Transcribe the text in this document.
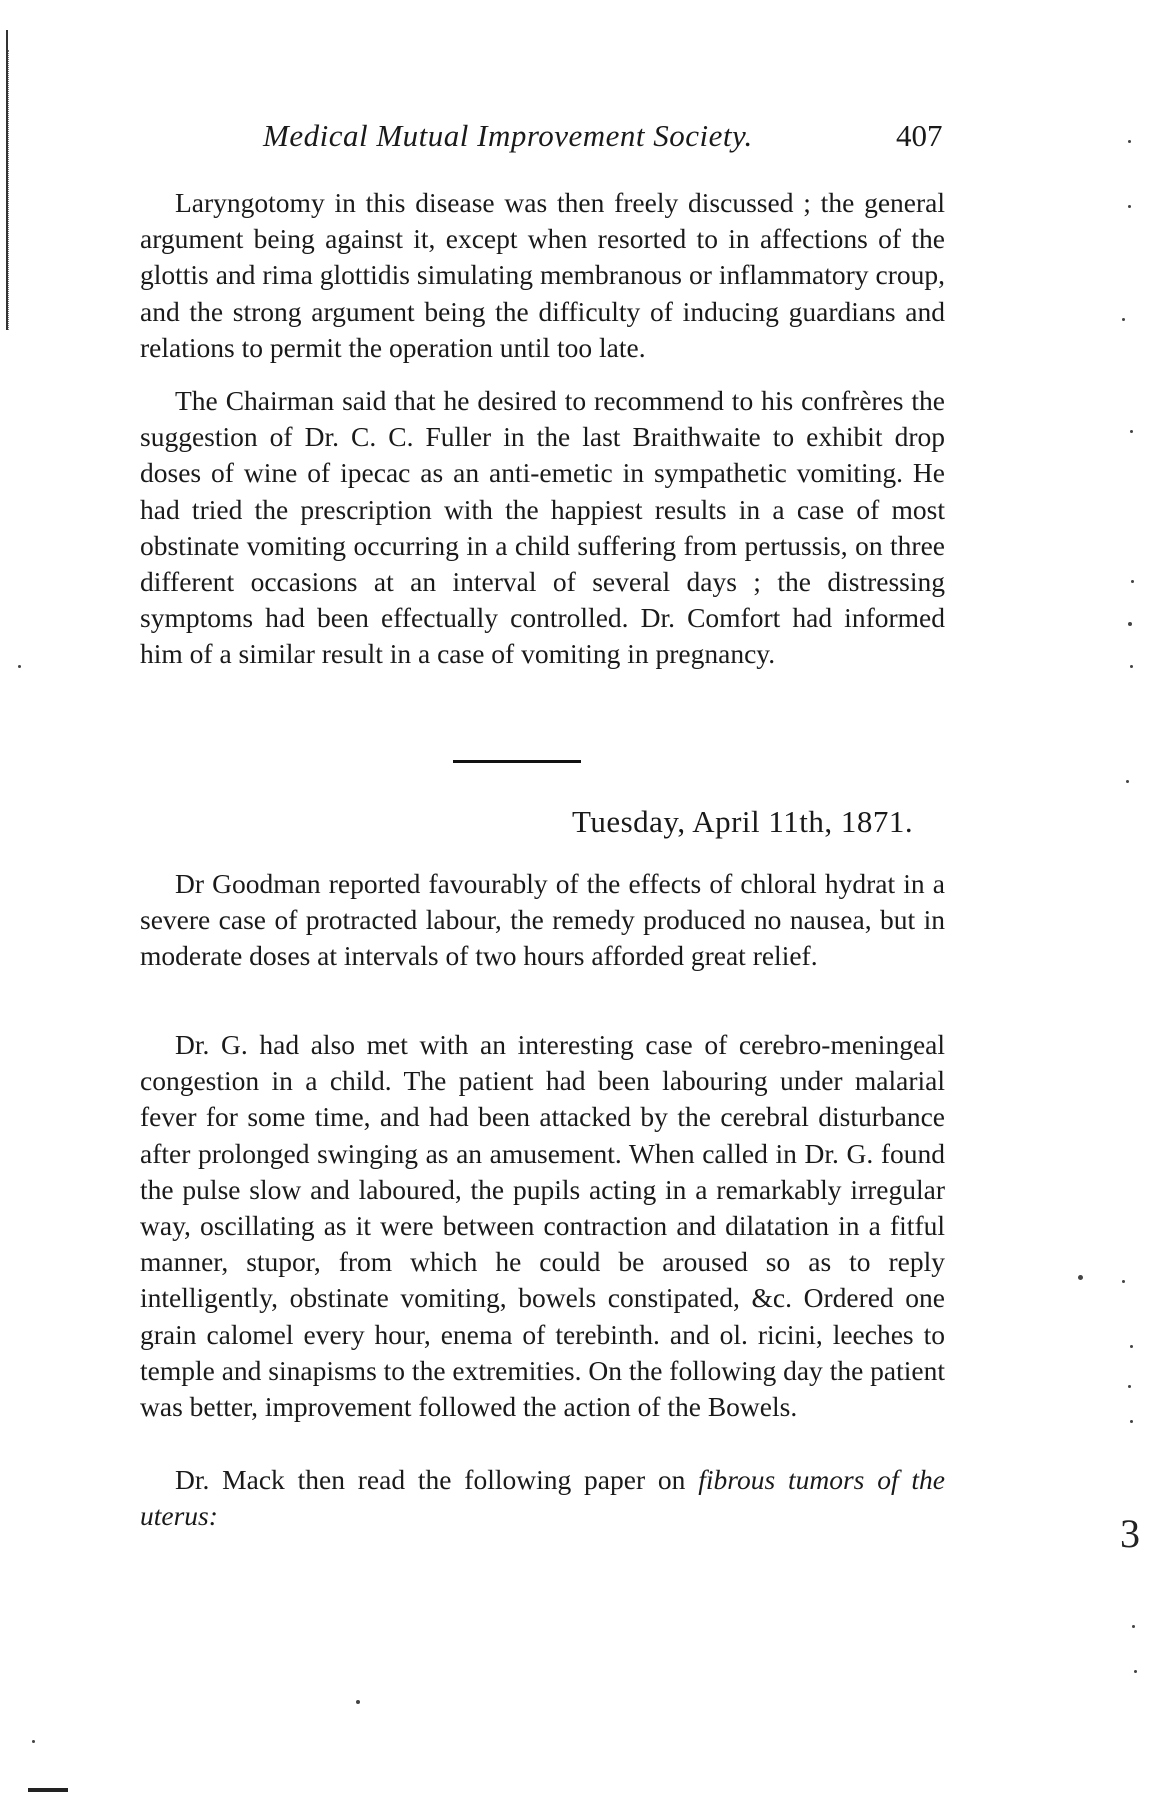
Medical Mutual Improvement Society.	407

Laryngotomy in this disease was then freely discussed ; the general argument being against it, except when resorted to in affections of the glottis and rima glottidis simulating membranous or inflammatory croup, and the strong argument being the difficulty of inducing guardians and relations to permit the operation until too late.

The Chairman said that he desired to recommend to his confrères the suggestion of Dr. C. C. Fuller in the last Braithwaite to exhibit drop doses of wine of ipecac as an anti-emetic in sympathetic vomiting. He had tried the prescription with the happiest results in a case of most obstinate vomiting occurring in a child suffering from pertussis, on three different occasions at an interval of several days ; the distressing symptoms had been effectually controlled. Dr. Comfort had informed him of a similar result in a case of vomiting in pregnancy.

Tuesday, April 11th, 1871.

Dr Goodman reported favourably of the effects of chloral hydrat in a severe case of protracted labour, the remedy produced no nausea, but in moderate doses at intervals of two hours afforded great relief.

Dr. G. had also met with an interesting case of cerebro-meningeal congestion in a child. The patient had been labouring under malarial fever for some time, and had been attacked by the cerebral disturbance after prolonged swinging as an amusement. When called in Dr. G. found the pulse slow and laboured, the pupils acting in a remarkably irregular way, oscillating as it were between contraction and dilatation in a fitful manner, stupor, from which he could be aroused so as to reply intelligently, obstinate vomiting, bowels constipated, &c. Ordered one grain calomel every hour, enema of terebinth. and ol. ricini, leeches to temple and sinapisms to the extremities. On the following day the patient was better, improvement followed the action of the Bowels.

Dr. Mack then read the following paper on fibrous tumors of the uterus:	3
